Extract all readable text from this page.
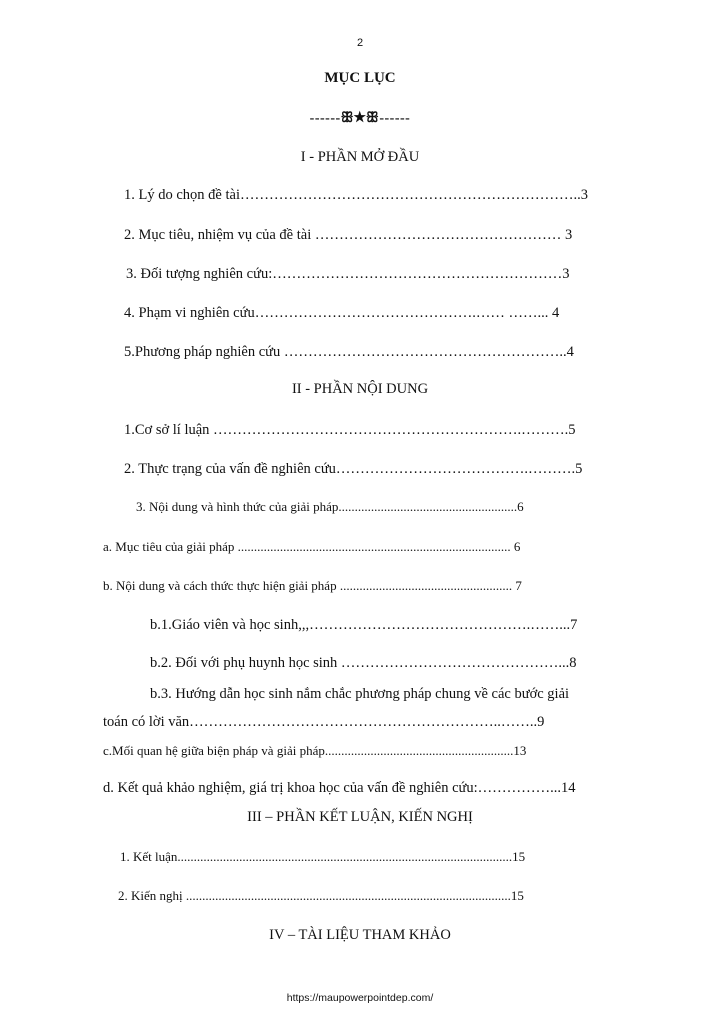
2
MỤC LỤC
------ꕥ★ꕥ------
I - PHẦN MỞ ĐẦU
1. Lý do chọn đề tài……………………………………………………………..3
2. Mục tiêu, nhiệm vụ của đề tài …………………………………………… 3
3. Đối tượng nghiên cứu:……………………………………………………3
4. Phạm vi nghiên cứu……………………………………….…… ……... 4
5.Phương pháp nghiên cứu …………………………………………………..4
II - PHẦN NỘI DUNG
1.Cơ sở lí luận ……………………………………………………….……….5
2. Thực trạng của vấn đề nghiên cứu………………………………….……….5
3. Nội dung và hình thức của giải pháp.......................................................6
a. Mục tiêu của giải pháp .................................................................................... 6
b. Nội dung và cách thức thực hiện giải pháp ..................................................... 7
b.1.Giáo viên và học sinh,,,……………………………………….……...7
b.2. Đối với phụ huynh học sinh ………………………………………...8
b.3. Hướng dẫn học sinh nắm chắc phương pháp chung về các bước giải
toán có lời văn………………………………………………………..……..9
c.Mối quan hệ giữa biện pháp và giải pháp..........................................................13
d. Kết quả khảo nghiệm, giá trị khoa học của vấn đề nghiên cứu:……………...14
III – PHẦN KẾT LUẬN, KIẾN NGHỊ
1. Kết luận.......................................................................................................15
2. Kiến nghị ....................................................................................................15
IV – TÀI LIỆU THAM KHẢO
https://maupowerpointdep.com/
